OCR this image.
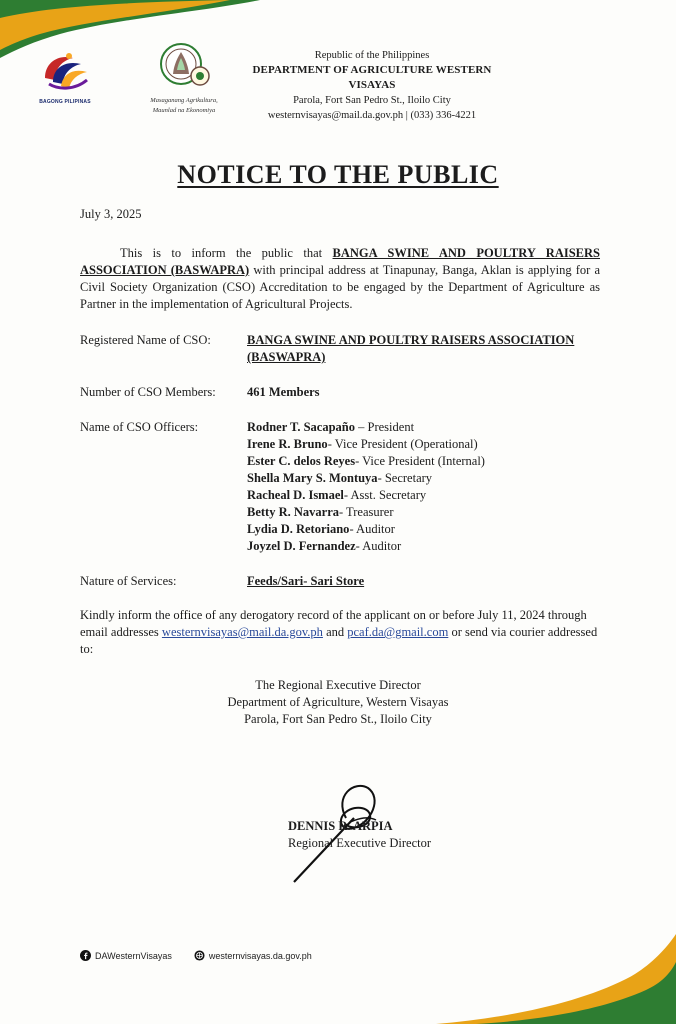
BAGONG PILIPINAS	Masaganang Agrikultura,
Maunlad na Ekonomiya
Republic of the Philippines
DEPARTMENT OF AGRICULTURE WESTERN VISAYAS
Parola, Fort San Pedro St., Iloilo City
westernvisayas@mail.da.gov.ph | (033) 336-4221
NOTICE TO THE PUBLIC
July 3, 2025
This is to inform the public that BANGA SWINE AND POULTRY RAISERS ASSOCIATION (BASWAPRA) with principal address at Tinapunay, Banga, Aklan is applying for a Civil Society Organization (CSO) Accreditation to be engaged by the Department of Agriculture as Partner in the implementation of Agricultural Projects.
Registered Name of CSO:	BANGA SWINE AND POULTRY RAISERS ASSOCIATION (BASWAPRA)
Number of CSO Members:	461 Members
Name of CSO Officers:	Rodner T. Sacapaño – President
Irene R. Bruno- Vice President (Operational)
Ester C. delos Reyes- Vice President (Internal)
Shella Mary S. Montuya- Secretary
Racheal D. Ismael- Asst. Secretary
Betty R. Navarra- Treasurer
Lydia D. Retoriano- Auditor
Joyzel D. Fernandez- Auditor
Nature of Services:	Feeds/Sari- Sari Store
Kindly inform the office of any derogatory record of the applicant on or before July 11, 2024 through email addresses westernvisayas@mail.da.gov.ph and pcaf.da@gmail.com or send via courier addressed to:
The Regional Executive Director
Department of Agriculture, Western Visayas
Parola, Fort San Pedro St., Iloilo City
DENNIS R. ARPIA
Regional Executive Director
DAWesternVisayas	westernvisayas.da.gov.ph
